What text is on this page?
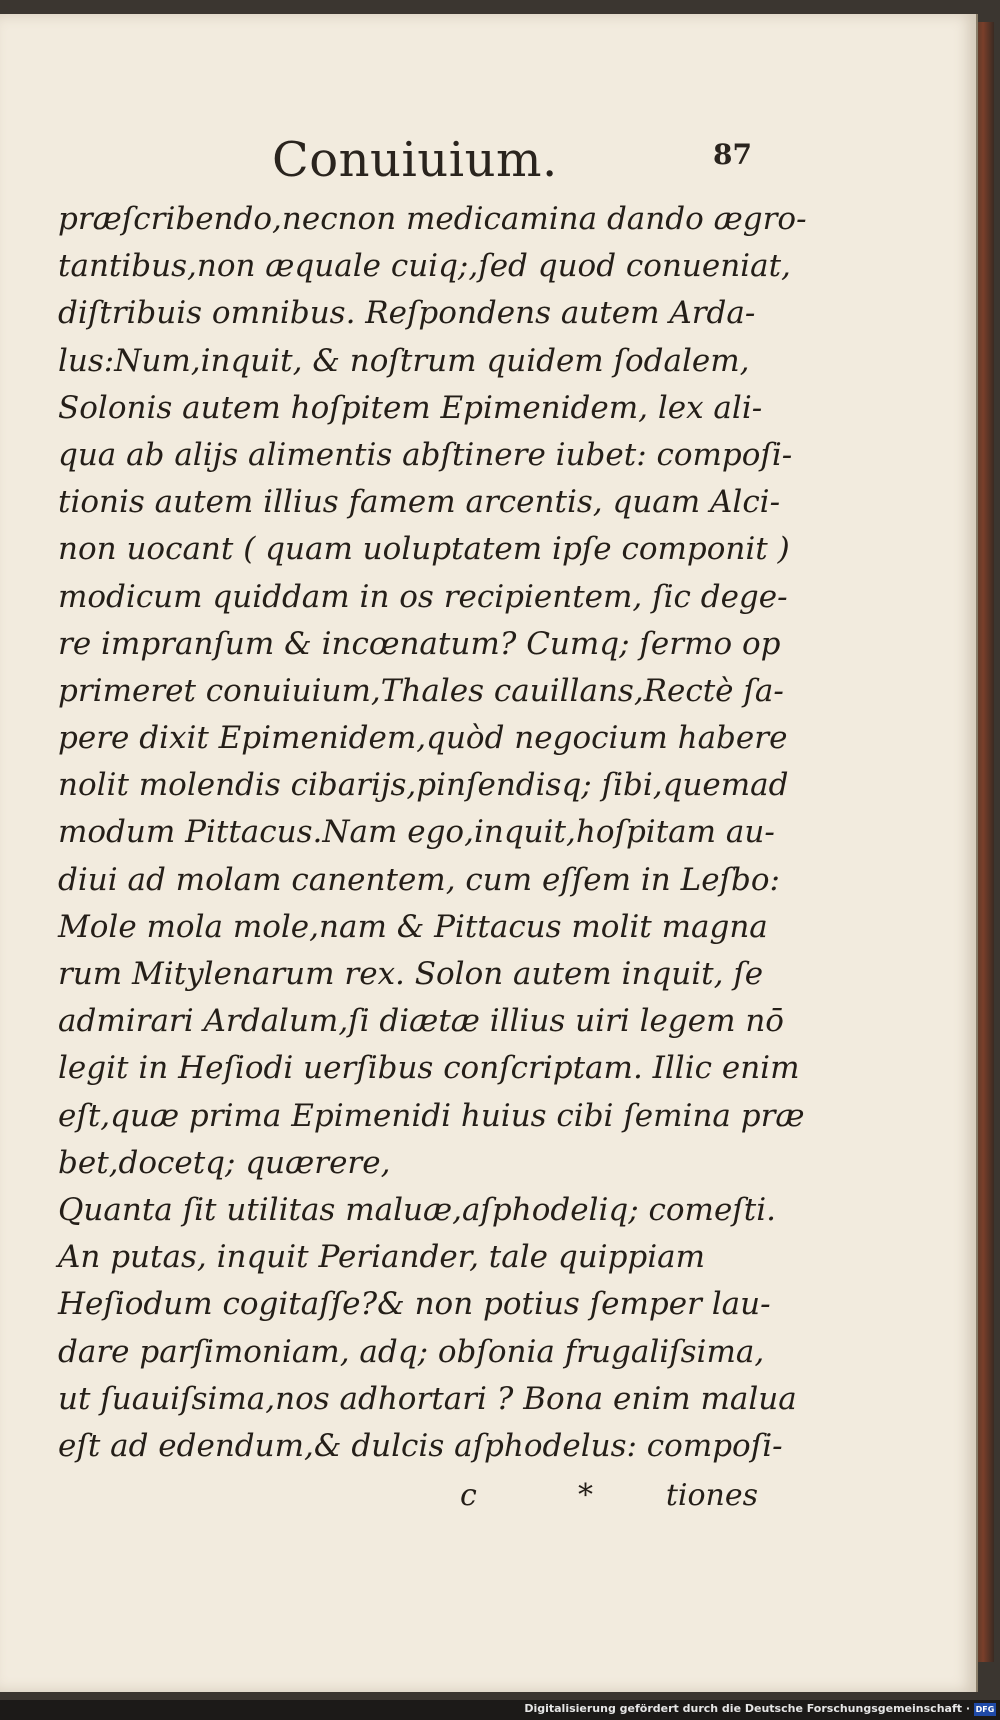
Conuiuium.	87
præſcribendo,necnon medicamina dando ægro-
tantibus,non æquale cuiq;,ſed quod conueniat,
diſtribuis omnibus. Reſpondens autem Arda-
lus:Num,inquit, & noſtrum quidem ſodalem,
Solonis autem hoſpitem Epimenidem, lex ali-
qua ab alijs alimentis abſtinere iubet: compoſi-
tionis autem illius famem arcentis, quam Alci-
non uocant ( quam uoluptatem ipſe componit )
modicum quiddam in os recipientem, ſic dege-
re impranſum & incœnatum? Cumq; ſermo op
primeret conuiuium,Thales cauillans,Rectè ſa-
pere dixit Epimenidem,quòd negocium habere
nolit molendis cibarijs,pinſendisq; ſibi,quemad
modum Pittacus.Nam ego,inquit,hoſpitam au-
diui ad molam canentem, cum eſſem in Leſbo:
Mole mola mole,nam & Pittacus molit magna
rum Mitylenarum rex. Solon autem inquit, ſe
admirari Ardalum,ſi diætæ illius uiri legem nō
legit in Heſiodi uerſibus conſcriptam. Illic enim
eſt,quæ prima Epimenidi huius cibi ſemina præ
bet,docetq; quærere,
Quanta ſit utilitas maluæ,aſphodeliq; comeſti.
An putas, inquit Periander, tale quippiam
Heſiodum cogitaſſe?& non potius ſemper lau-
dare parſimoniam, adq; obſonia frugaliſsima,
ut ſuauiſsima,nos adhortari ? Bona enim malua
eſt ad edendum,& dulcis aſphodelus: compoſi-
c	* tiones
Digitalisierung gefördert durch die Deutsche Forschungsgemeinschaft · DFG
